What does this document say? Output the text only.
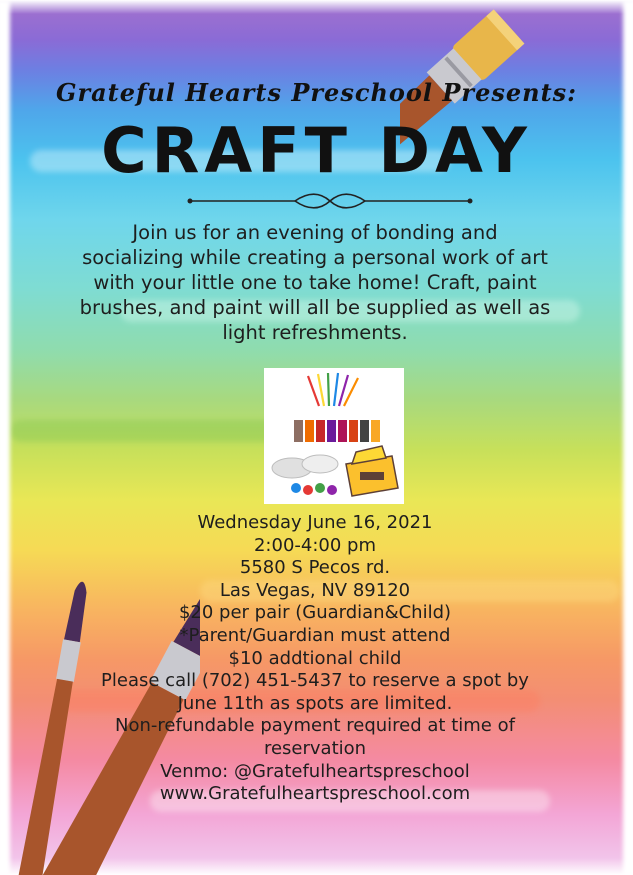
Grateful Hearts Preschool Presents:

CRAFT DAY

Join us for an evening of bonding and
socializing while creating a personal work of art
with your little one to take home! Craft, paint
brushes, and paint will all be supplied as well as
light refreshments.
Wednesday June 16, 2021
2:00-4:00 pm
5580 S Pecos rd.
Las Vegas, NV 89120
$20 per pair (Guardian&Child)
*Parent/Guardian must attend
$10 addtional child
Please call (702) 451-5437 to reserve a spot by
June 11th as spots are limited.
Non-refundable payment required at time of
reservation
Venmo: @Gratefulheartspreschool
www.Gratefulheartspreschool.com
